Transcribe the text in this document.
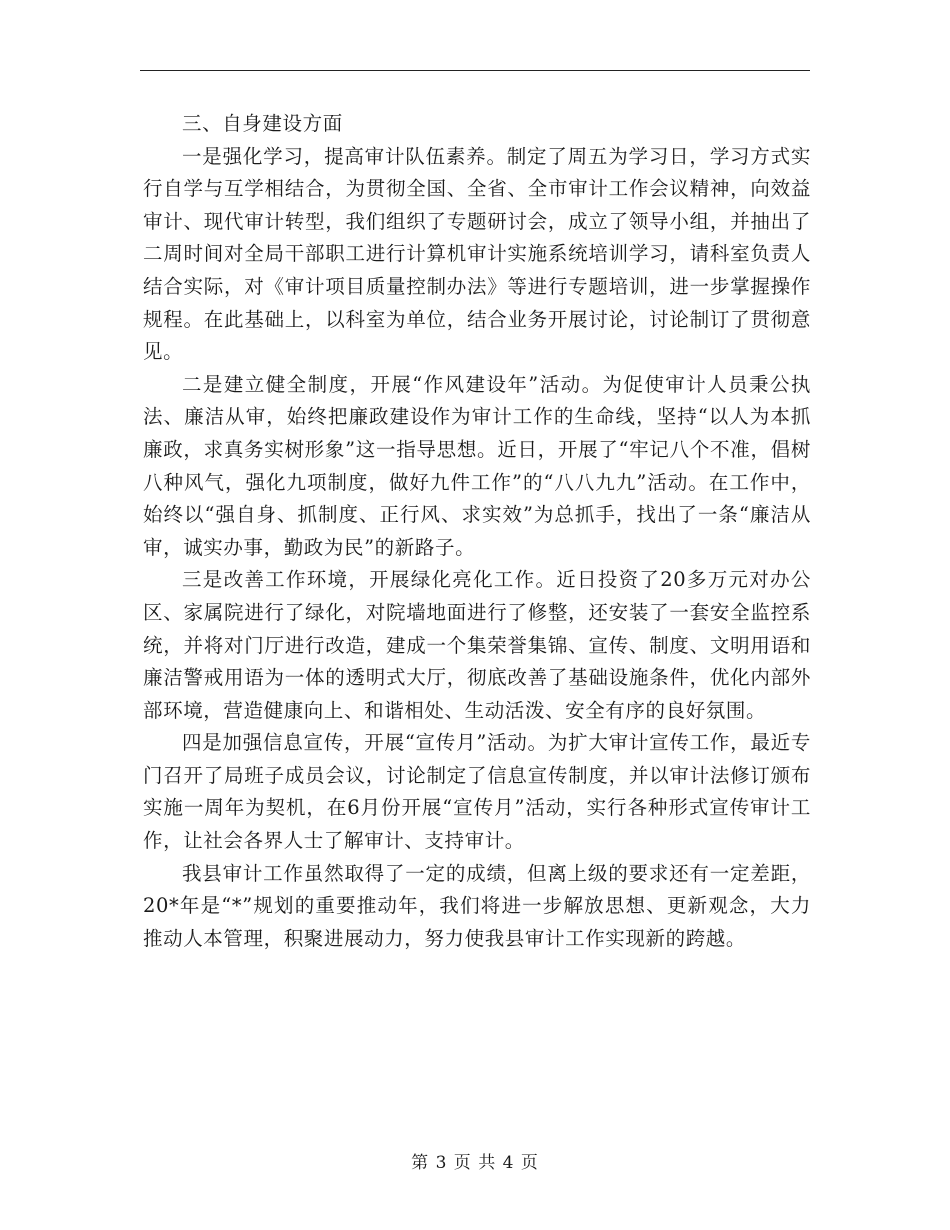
三、自身建设方面

一是强化学习，提高审计队伍素养。制定了周五为学习日，学习方式实行自学与互学相结合，为贯彻全国、全省、全市审计工作会议精神，向效益审计、现代审计转型，我们组织了专题研讨会，成立了领导小组，并抽出了二周时间对全局干部职工进行计算机审计实施系统培训学习，请科室负责人结合实际，对《审计项目质量控制办法》等进行专题培训，进一步掌握操作规程。在此基础上，以科室为单位，结合业务开展讨论，讨论制订了贯彻意见。

二是建立健全制度，开展“作风建设年”活动。为促使审计人员秉公执法、廉洁从审，始终把廉政建设作为审计工作的生命线，坚持“以人为本抓廉政，求真务实树形象”这一指导思想。近日，开展了“牢记八个不准，倡树八种风气，强化九项制度，做好九件工作”的“八八九九”活动。在工作中，始终以“强自身、抓制度、正行风、求实效”为总抓手，找出了一条“廉洁从审，诚实办事，勤政为民”的新路子。

三是改善工作环境，开展绿化亮化工作。近日投资了20多万元对办公区、家属院进行了绿化，对院墙地面进行了修整，还安装了一套安全监控系统，并将对门厅进行改造，建成一个集荣誉集锦、宣传、制度、文明用语和廉洁警戒用语为一体的透明式大厅，彻底改善了基础设施条件，优化内部外部环境，营造健康向上、和谐相处、生动活泼、安全有序的良好氛围。

四是加强信息宣传，开展“宣传月”活动。为扩大审计宣传工作，最近专门召开了局班子成员会议，讨论制定了信息宣传制度，并以审计法修订颁布实施一周年为契机，在6月份开展“宣传月”活动，实行各种形式宣传审计工作，让社会各界人士了解审计、支持审计。

我县审计工作虽然取得了一定的成绩，但离上级的要求还有一定差距，20*年是“*”规划的重要推动年，我们将进一步解放思想、更新观念，大力推动人本管理，积聚进展动力，努力使我县审计工作实现新的跨越。

第 3 页 共 4 页
